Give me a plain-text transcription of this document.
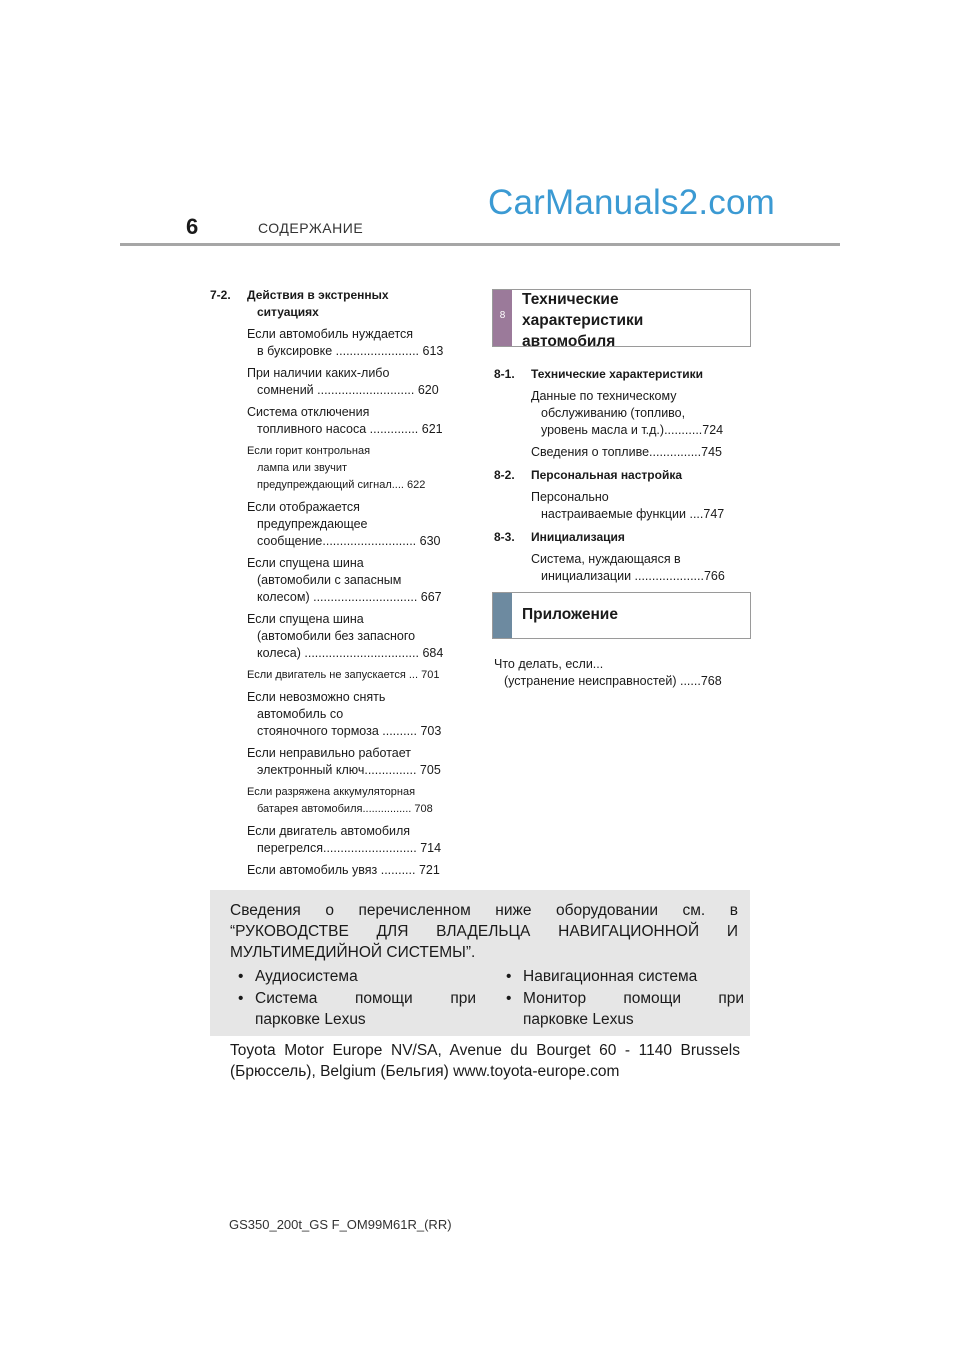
6	СОДЕРЖАНИЕ
CarManuals2.com
7-2. Действия в экстренных
ситуациях
Если автомобиль нуждается
в буксировке ........................ 613
При наличии каких-либо
сомнений ............................ 620
Система отключения
топливного насоса .............. 621
Если горит контрольная
лампа или звучит
предупреждающий сигнал.... 622
Если отображается
предупреждающее
сообщение........................... 630
Если спущена шина
(автомобили с запасным
колесом) .............................. 667
Если спущена шина
(автомобили без запасного
колеса) ................................. 684
Если двигатель не запускается ... 701
Если невозможно снять
автомобиль со
стояночного тормоза .......... 703
Если неправильно работает
электронный ключ............... 705
Если разряжена аккумуляторная
батарея автомобиля................ 708
Если двигатель автомобиля
перегрелся........................... 714
Если автомобиль увяз .......... 721
8
Технические
характеристики
автомобиля
8-1. Технические характеристики
Данные по техническому
обслуживанию (топливо,
уровень масла и т.д.)...........724
Сведения о топливе...............745
8-2. Персональная настройка
Персонально
настраиваемые функции ....747
8-3. Инициализация
Система, нуждающаяся в
инициализации ....................766
Приложение
Что делать, если...
(устранение неисправностей) ......768
Сведения о перечисленном ниже оборудовании см. в
“РУКОВОДСТВЕ ДЛЯ ВЛАДЕЛЬЦА НАВИГАЦИОННОЙ И
МУЛЬТИМЕДИЙНОЙ СИСТЕМЫ”.
• Аудиосистема
• Система помощи при
парковке Lexus
• Навигационная система
• Монитор помощи при
парковке Lexus
Toyota Motor Europe NV/SA, Avenue du Bourget 60 - 1140 Brussels
(Брюссель), Belgium (Бельгия) www.toyota-europe.com
GS350_200t_GS F_OM99M61R_(RR)
